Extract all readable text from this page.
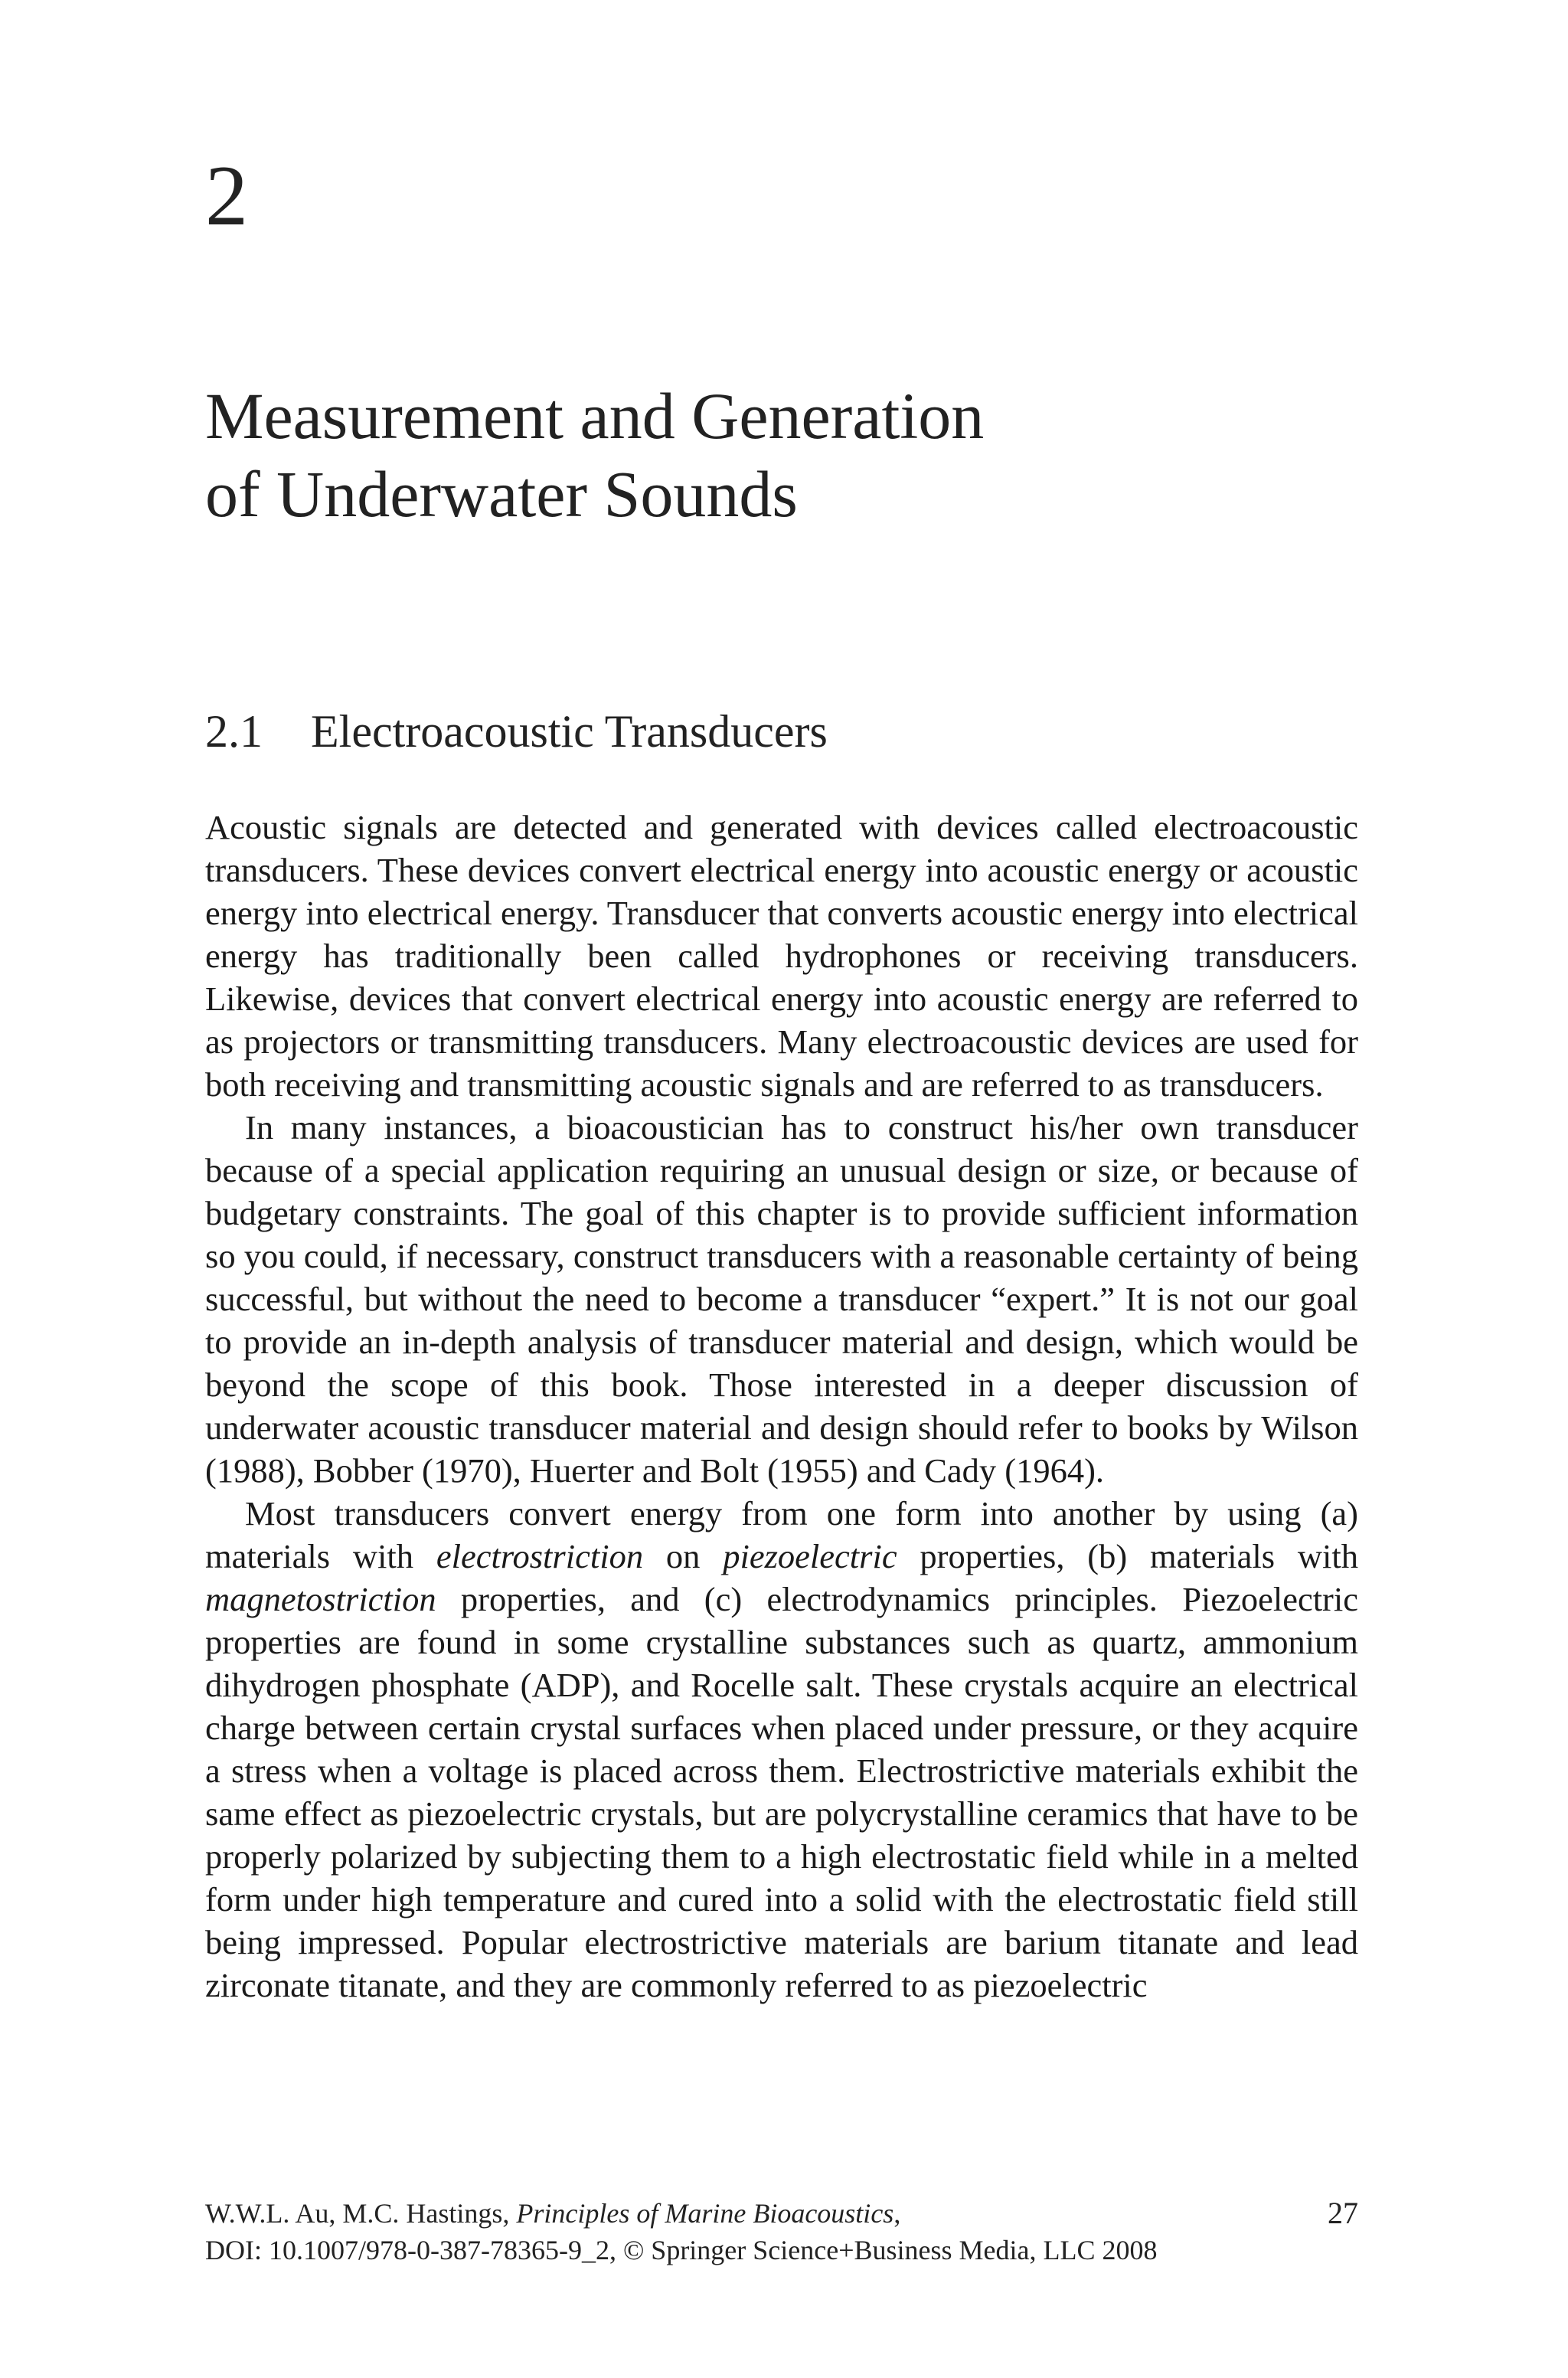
2
Measurement and Generation
of Underwater Sounds
2.1 Electroacoustic Transducers

Acoustic signals are detected and generated with devices called electroacoustic transducers. These devices convert electrical energy into acoustic energy or acoustic energy into electrical energy. Transducer that converts acoustic energy into electrical energy has traditionally been called hydrophones or receiving transducers. Likewise, devices that convert electrical energy into acoustic energy are referred to as projectors or transmitting transducers. Many electroacoustic devices are used for both receiving and transmitting acoustic signals and are referred to as transducers.

In many instances, a bioacoustician has to construct his/her own transducer because of a special application requiring an unusual design or size, or because of budgetary constraints. The goal of this chapter is to provide sufficient information so you could, if necessary, construct transducers with a reasonable certainty of being successful, but without the need to become a transducer “expert.” It is not our goal to provide an in-depth analysis of transducer material and design, which would be beyond the scope of this book. Those interested in a deeper discussion of underwater acoustic transducer material and design should refer to books by Wilson (1988), Bobber (1970), Huerter and Bolt (1955) and Cady (1964).

Most transducers convert energy from one form into another by using (a) materials with electrostriction on piezoelectric properties, (b) materials with magnetostriction properties, and (c) electrodynamics principles. Piezoelectric properties are found in some crystalline substances such as quartz, ammonium dihydrogen phosphate (ADP), and Rocelle salt. These crystals acquire an electrical charge between certain crystal surfaces when placed under pressure, or they acquire a stress when a voltage is placed across them. Electrostrictive materials exhibit the same effect as piezoelectric crystals, but are polycrystalline ceramics that have to be properly polarized by subjecting them to a high electrostatic field while in a melted form under high temperature and cured into a solid with the electrostatic field still being impressed. Popular electrostrictive materials are barium titanate and lead zirconate titanate, and they are commonly referred to as piezoelectric

W.W.L. Au, M.C. Hastings, Principles of Marine Bioacoustics,
DOI: 10.1007/978-0-387-78365-9_2, © Springer Science+Business Media, LLC 2008
27
